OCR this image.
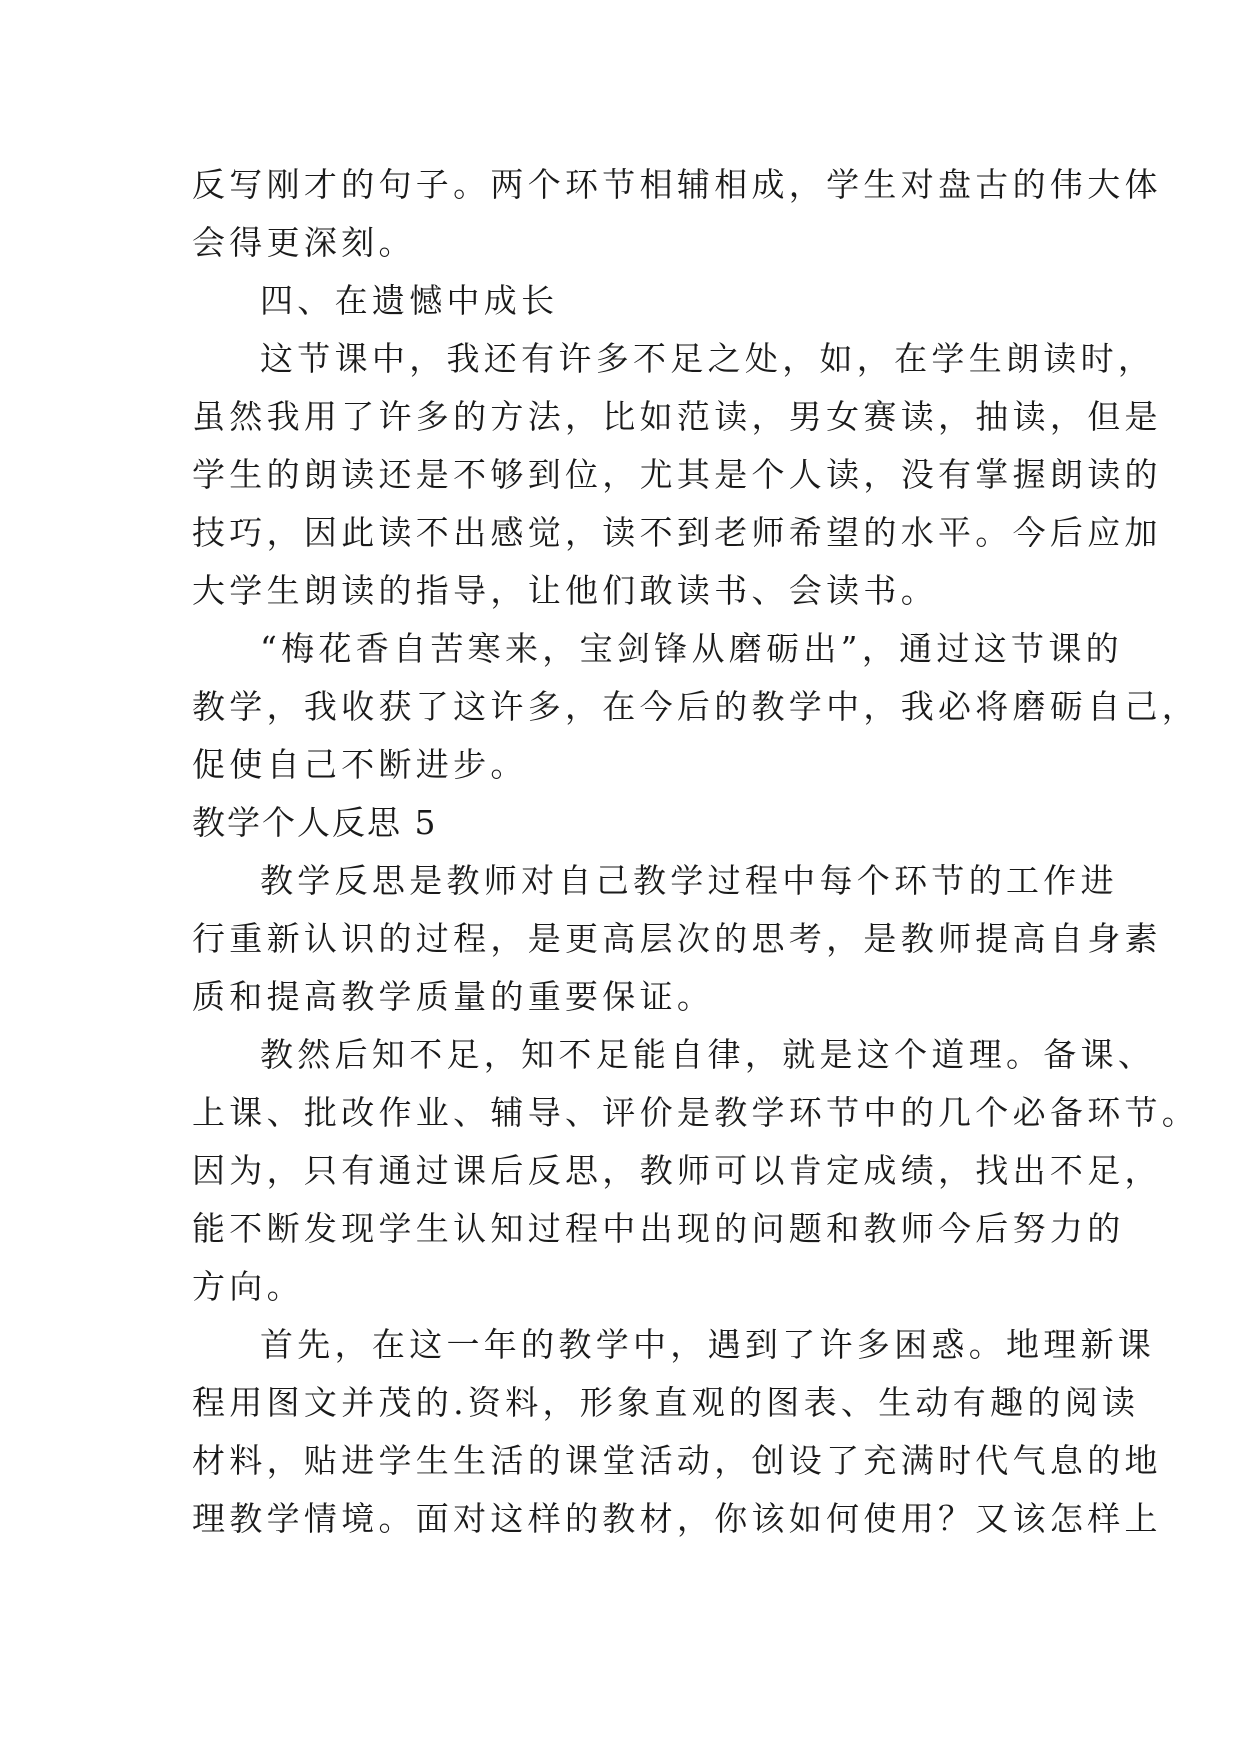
反写刚才的句子。两个环节相辅相成，学生对盘古的伟大体
会得更深刻。
四、在遗憾中成长
这节课中，我还有许多不足之处，如，在学生朗读时，
虽然我用了许多的方法，比如范读，男女赛读，抽读，但是
学生的朗读还是不够到位，尤其是个人读，没有掌握朗读的
技巧，因此读不出感觉，读不到老师希望的水平。今后应加
大学生朗读的指导，让他们敢读书、会读书。
“梅花香自苦寒来，宝剑锋从磨砺出”，通过这节课的
教学，我收获了这许多，在今后的教学中，我必将磨砺自己，
促使自己不断进步。
教学个人反思 5
教学反思是教师对自己教学过程中每个环节的工作进
行重新认识的过程，是更高层次的思考，是教师提高自身素
质和提高教学质量的重要保证。
教然后知不足，知不足能自律，就是这个道理。备课、
上课、批改作业、辅导、评价是教学环节中的几个必备环节。
因为，只有通过课后反思，教师可以肯定成绩，找出不足，
能不断发现学生认知过程中出现的问题和教师今后努力的
方向。
首先，在这一年的教学中，遇到了许多困惑。地理新课
程用图文并茂的.资料，形象直观的图表、生动有趣的阅读
材料，贴进学生生活的课堂活动，创设了充满时代气息的地
理教学情境。面对这样的教材，你该如何使用？又该怎样上
